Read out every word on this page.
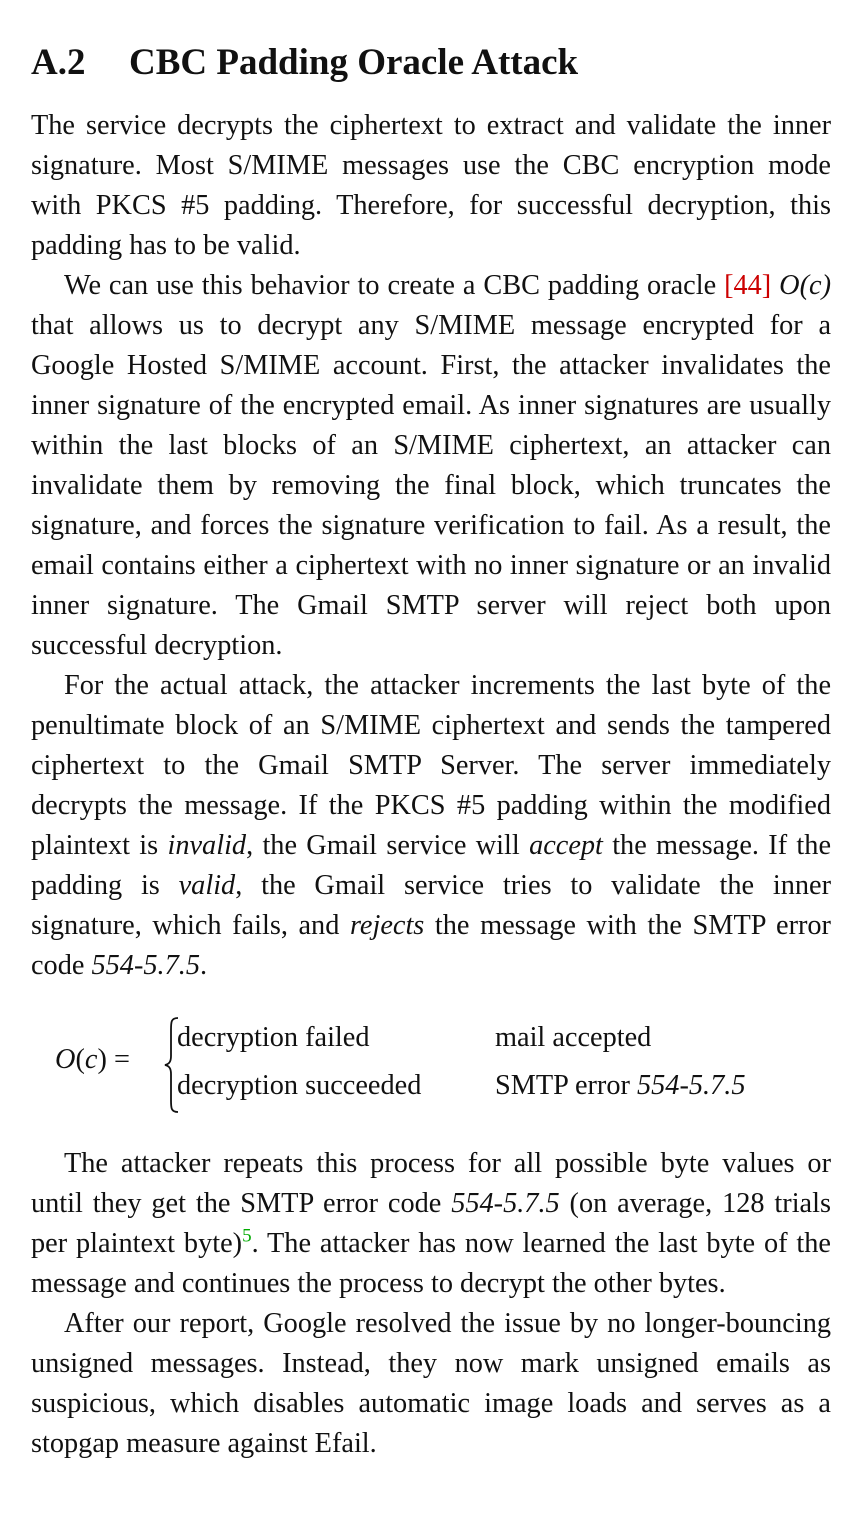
A.2 CBC Padding Oracle Attack

The service decrypts the ciphertext to extract and validate the inner signature. Most S/MIME messages use the CBC encryption mode with PKCS #5 padding. Therefore, for successful decryption, this padding has to be valid.

We can use this behavior to create a CBC padding oracle [44] O(c) that allows us to decrypt any S/MIME message encrypted for a Google Hosted S/MIME account. First, the attacker invalidates the inner signature of the encrypted email. As inner signatures are usually within the last blocks of an S/MIME ciphertext, an attacker can invalidate them by removing the final block, which truncates the signature, and forces the signature verification to fail. As a result, the email contains either a ciphertext with no inner signature or an invalid inner signature. The Gmail SMTP server will reject both upon successful decryption.

For the actual attack, the attacker increments the last byte of the penultimate block of an S/MIME ciphertext and sends the tampered ciphertext to the Gmail SMTP Server. The server immediately decrypts the message. If the PKCS #5 padding within the modified plaintext is invalid, the Gmail service will accept the message. If the padding is valid, the Gmail service tries to validate the inner signature, which fails, and rejects the message with the SMTP error code 554-5.7.5.

O(c) =
decryption failed	mail accepted
decryption succeeded	SMTP error 554-5.7.5

The attacker repeats this process for all possible byte values or until they get the SMTP error code 554-5.7.5 (on average, 128 trials per plaintext byte)$^5$. The attacker has now learned the last byte of the message and continues the process to decrypt the other bytes.

After our report, Google resolved the issue by no longer-bouncing unsigned messages. Instead, they now mark unsigned emails as suspicious, which disables automatic image loads and serves as a stopgap measure against Efail.
